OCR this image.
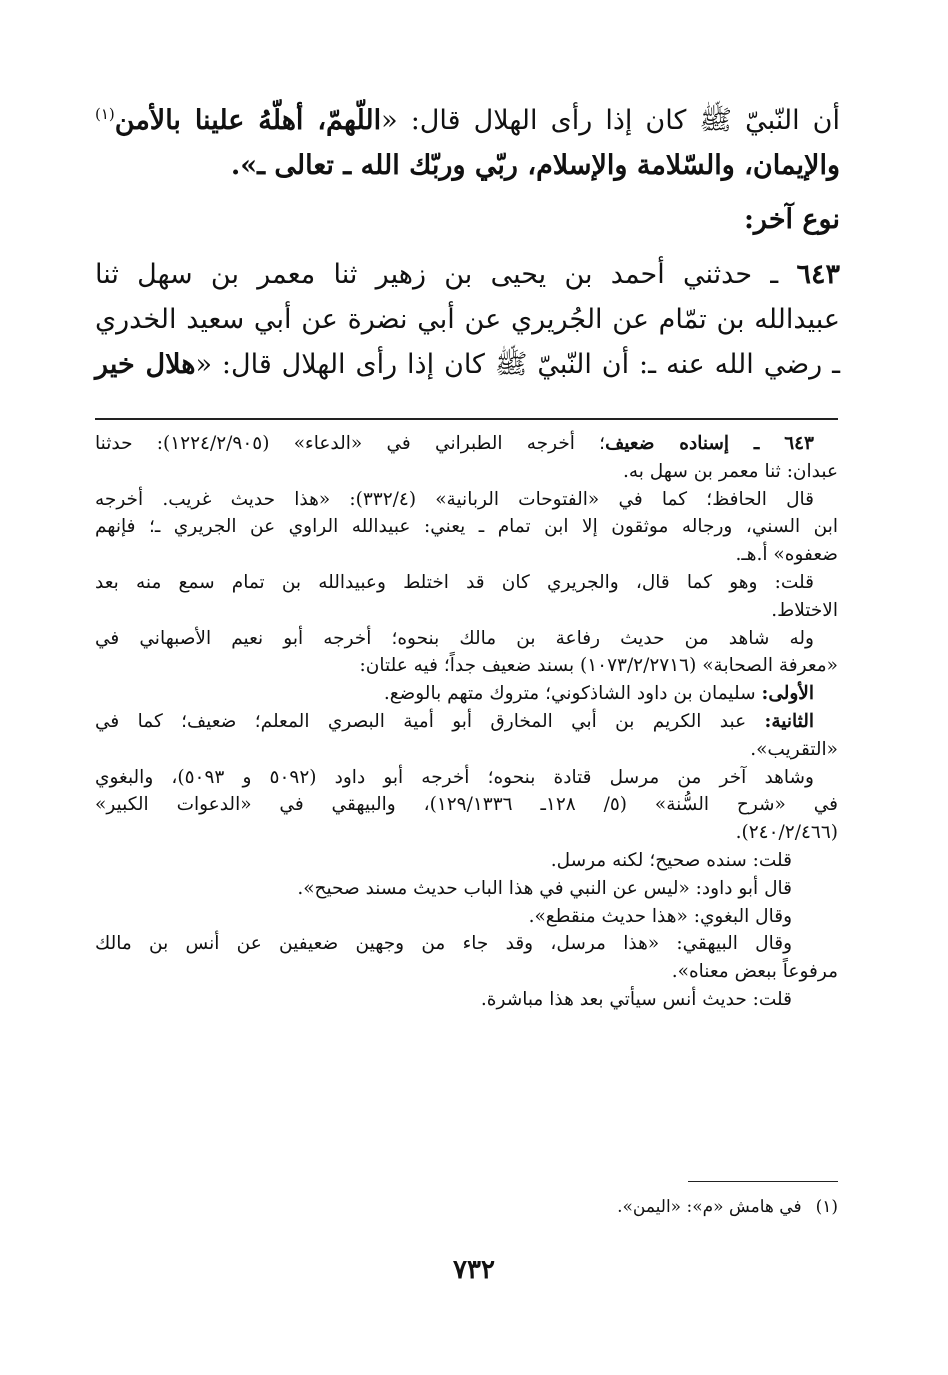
أن النّبيّ ﷺ كان إذا رأى الهلال قال: «اللّهمّ، أهلّهُ علينا بالأمن$^{(١)}$
والإيمان، والسّلامة والإسلام، ربّي وربّك الله ـ تعالى ـ».
نوع آخر:
٦٤٣ ـ حدثني أحمد بن يحيى بن زهير ثنا معمر بن سهل ثنا
عبيدالله بن تمّام عن الجُريري عن أبي نضرة عن أبي سعيد الخدري
ـ رضي الله عنه ـ: أن النّبيّ ﷺ كان إذا رأى الهلال قال: «هلال خير
٦٤٣ ـ إسناده ضعيف؛ أخرجه الطبراني في «الدعاء» (١٢٢٤/٢/٩٠٥): حدثنا
عبدان: ثنا معمر بن سهل به.
قال الحافظ؛ كما في «الفتوحات الربانية» (٣٣٢/٤): «هذا حديث غريب. أخرجه
ابن السني، ورجاله موثقون إلا ابن تمام ـ يعني: عبيدالله الراوي عن الجريري ـ؛ فإنهم
ضعفوه» أ.هـ.
قلت: وهو كما قال، والجريري كان قد اختلط وعبيدالله بن تمام سمع منه بعد
الاختلاط.
وله شاهد من حديث رفاعة بن مالك بنحوه؛ أخرجه أبو نعيم الأصبهاني في
«معرفة الصحابة» (١٠٧٣/٢/٢٧١٦) بسند ضعيف جداً؛ فيه علتان:
الأولى: سليمان بن داود الشاذكوني؛ متروك متهم بالوضع.
الثانية: عبد الكريم بن أبي المخارق أبو أمية البصري المعلم؛ ضعيف؛ كما في
«التقريب».
وشاهد آخر من مرسل قتادة بنحوه؛ أخرجه أبو داود (٥٠٩٢ و ٥٠٩٣)، والبغوي
في «شرح السُّنة» (٥/ ١٢٨ـ ١٢٩/١٣٣٦)، والبيهقي في «الدعوات الكبير»
(٢٤٠/٢/٤٦٦).
قلت: سنده صحيح؛ لكنه مرسل.
قال أبو داود: «ليس عن النبي في هذا الباب حديث مسند صحيح».
وقال البغوي: «هذا حديث منقطع».
وقال البيهقي: «هذا مرسل، وقد جاء من وجهين ضعيفين عن أنس بن مالك
مرفوعاً ببعض معناه».
قلت: حديث أنس سيأتي بعد هذا مباشرة.
(١)في هامش «م»: «اليمن».
٧٣٢
